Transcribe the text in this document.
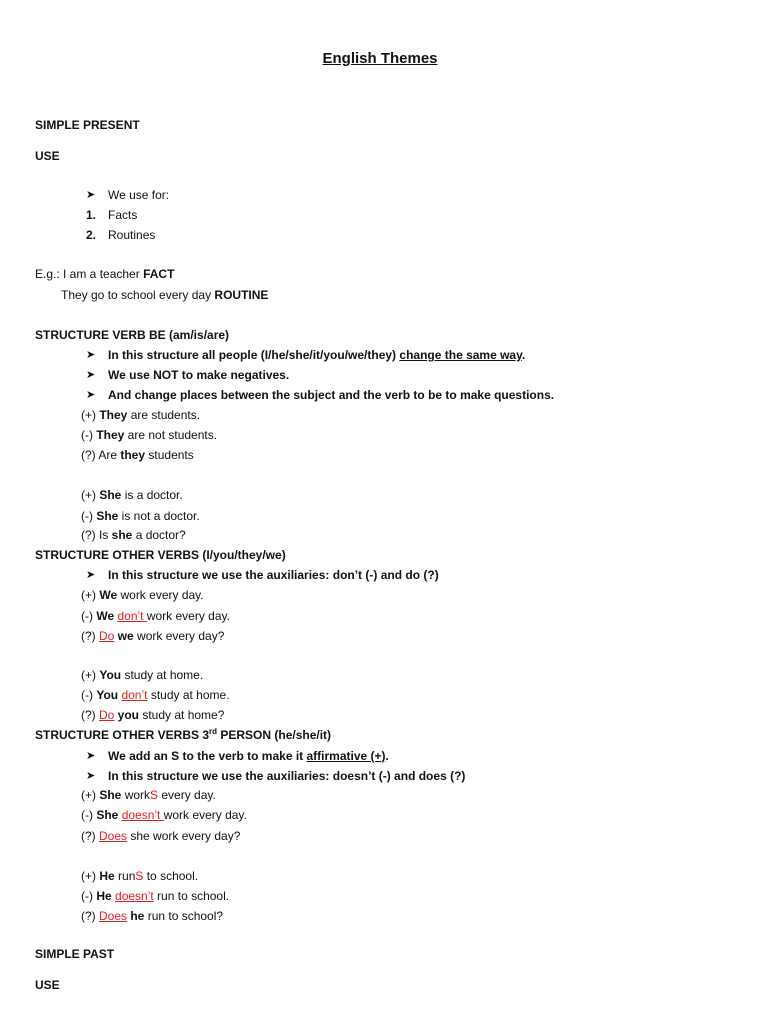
English Themes
SIMPLE PRESENT
USE
➤ We use for:
1. Facts
2. Routines
E.g.: I am a teacher FACT
They go to school every day ROUTINE
STRUCTURE VERB BE (am/is/are)
➤ In this structure all people (I/he/she/it/you/we/they) change the same way.
➤ We use NOT to make negatives.
➤ And change places between the subject and the verb to be to make questions.
(+) They are students.
(-) They are not students.
(?) Are they students
(+) She is a doctor.
(-) She is not a doctor.
(?) Is she a doctor?
STRUCTURE OTHER VERBS (I/you/they/we)
➤ In this structure we use the auxiliaries: don’t (-) and do (?)
(+) We work every day.
(-) We don’t work every day.
(?) Do we work every day?
(+) You study at home.
(-) You don’t study at home.
(?) Do you study at home?
STRUCTURE OTHER VERBS 3rd PERSON (he/she/it)
➤ We add an S to the verb to make it affirmative (+).
➤ In this structure we use the auxiliaries: doesn’t (-) and does (?)
(+) She workS every day.
(-) She doesn’t work every day.
(?) Does she work every day?
(+) He runS to school.
(-) He doesn’t run to school.
(?) Does he run to school?
SIMPLE PAST
USE
